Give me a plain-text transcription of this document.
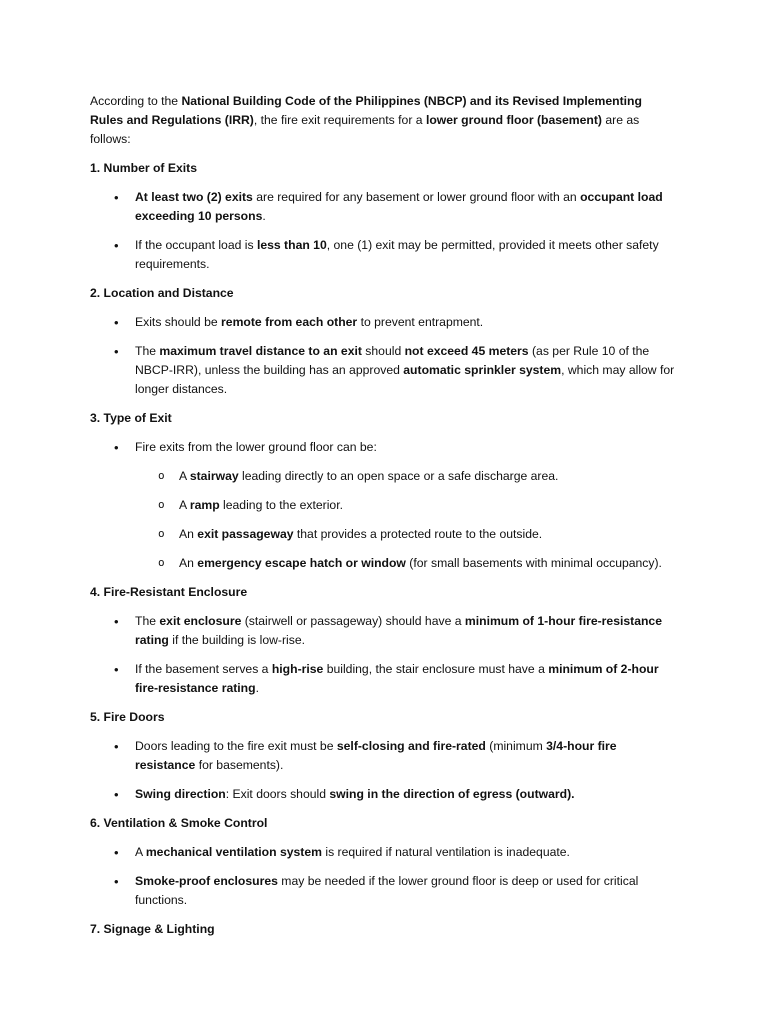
According to the National Building Code of the Philippines (NBCP) and its Revised Implementing Rules and Regulations (IRR), the fire exit requirements for a lower ground floor (basement) are as follows:

1. Number of Exits

• At least two (2) exits are required for any basement or lower ground floor with an occupant load exceeding 10 persons.
• If the occupant load is less than 10, one (1) exit may be permitted, provided it meets other safety requirements.

2. Location and Distance

• Exits should be remote from each other to prevent entrapment.
• The maximum travel distance to an exit should not exceed 45 meters (as per Rule 10 of the NBCP-IRR), unless the building has an approved automatic sprinkler system, which may allow for longer distances.

3. Type of Exit

• Fire exits from the lower ground floor can be:
o A stairway leading directly to an open space or a safe discharge area.
o A ramp leading to the exterior.
o An exit passageway that provides a protected route to the outside.
o An emergency escape hatch or window (for small basements with minimal occupancy).

4. Fire-Resistant Enclosure

• The exit enclosure (stairwell or passageway) should have a minimum of 1-hour fire-resistance rating if the building is low-rise.
• If the basement serves a high-rise building, the stair enclosure must have a minimum of 2-hour fire-resistance rating.

5. Fire Doors

• Doors leading to the fire exit must be self-closing and fire-rated (minimum 3/4-hour fire resistance for basements).
• Swing direction: Exit doors should swing in the direction of egress (outward).

6. Ventilation & Smoke Control

• A mechanical ventilation system is required if natural ventilation is inadequate.
• Smoke-proof enclosures may be needed if the lower ground floor is deep or used for critical functions.

7. Signage & Lighting
